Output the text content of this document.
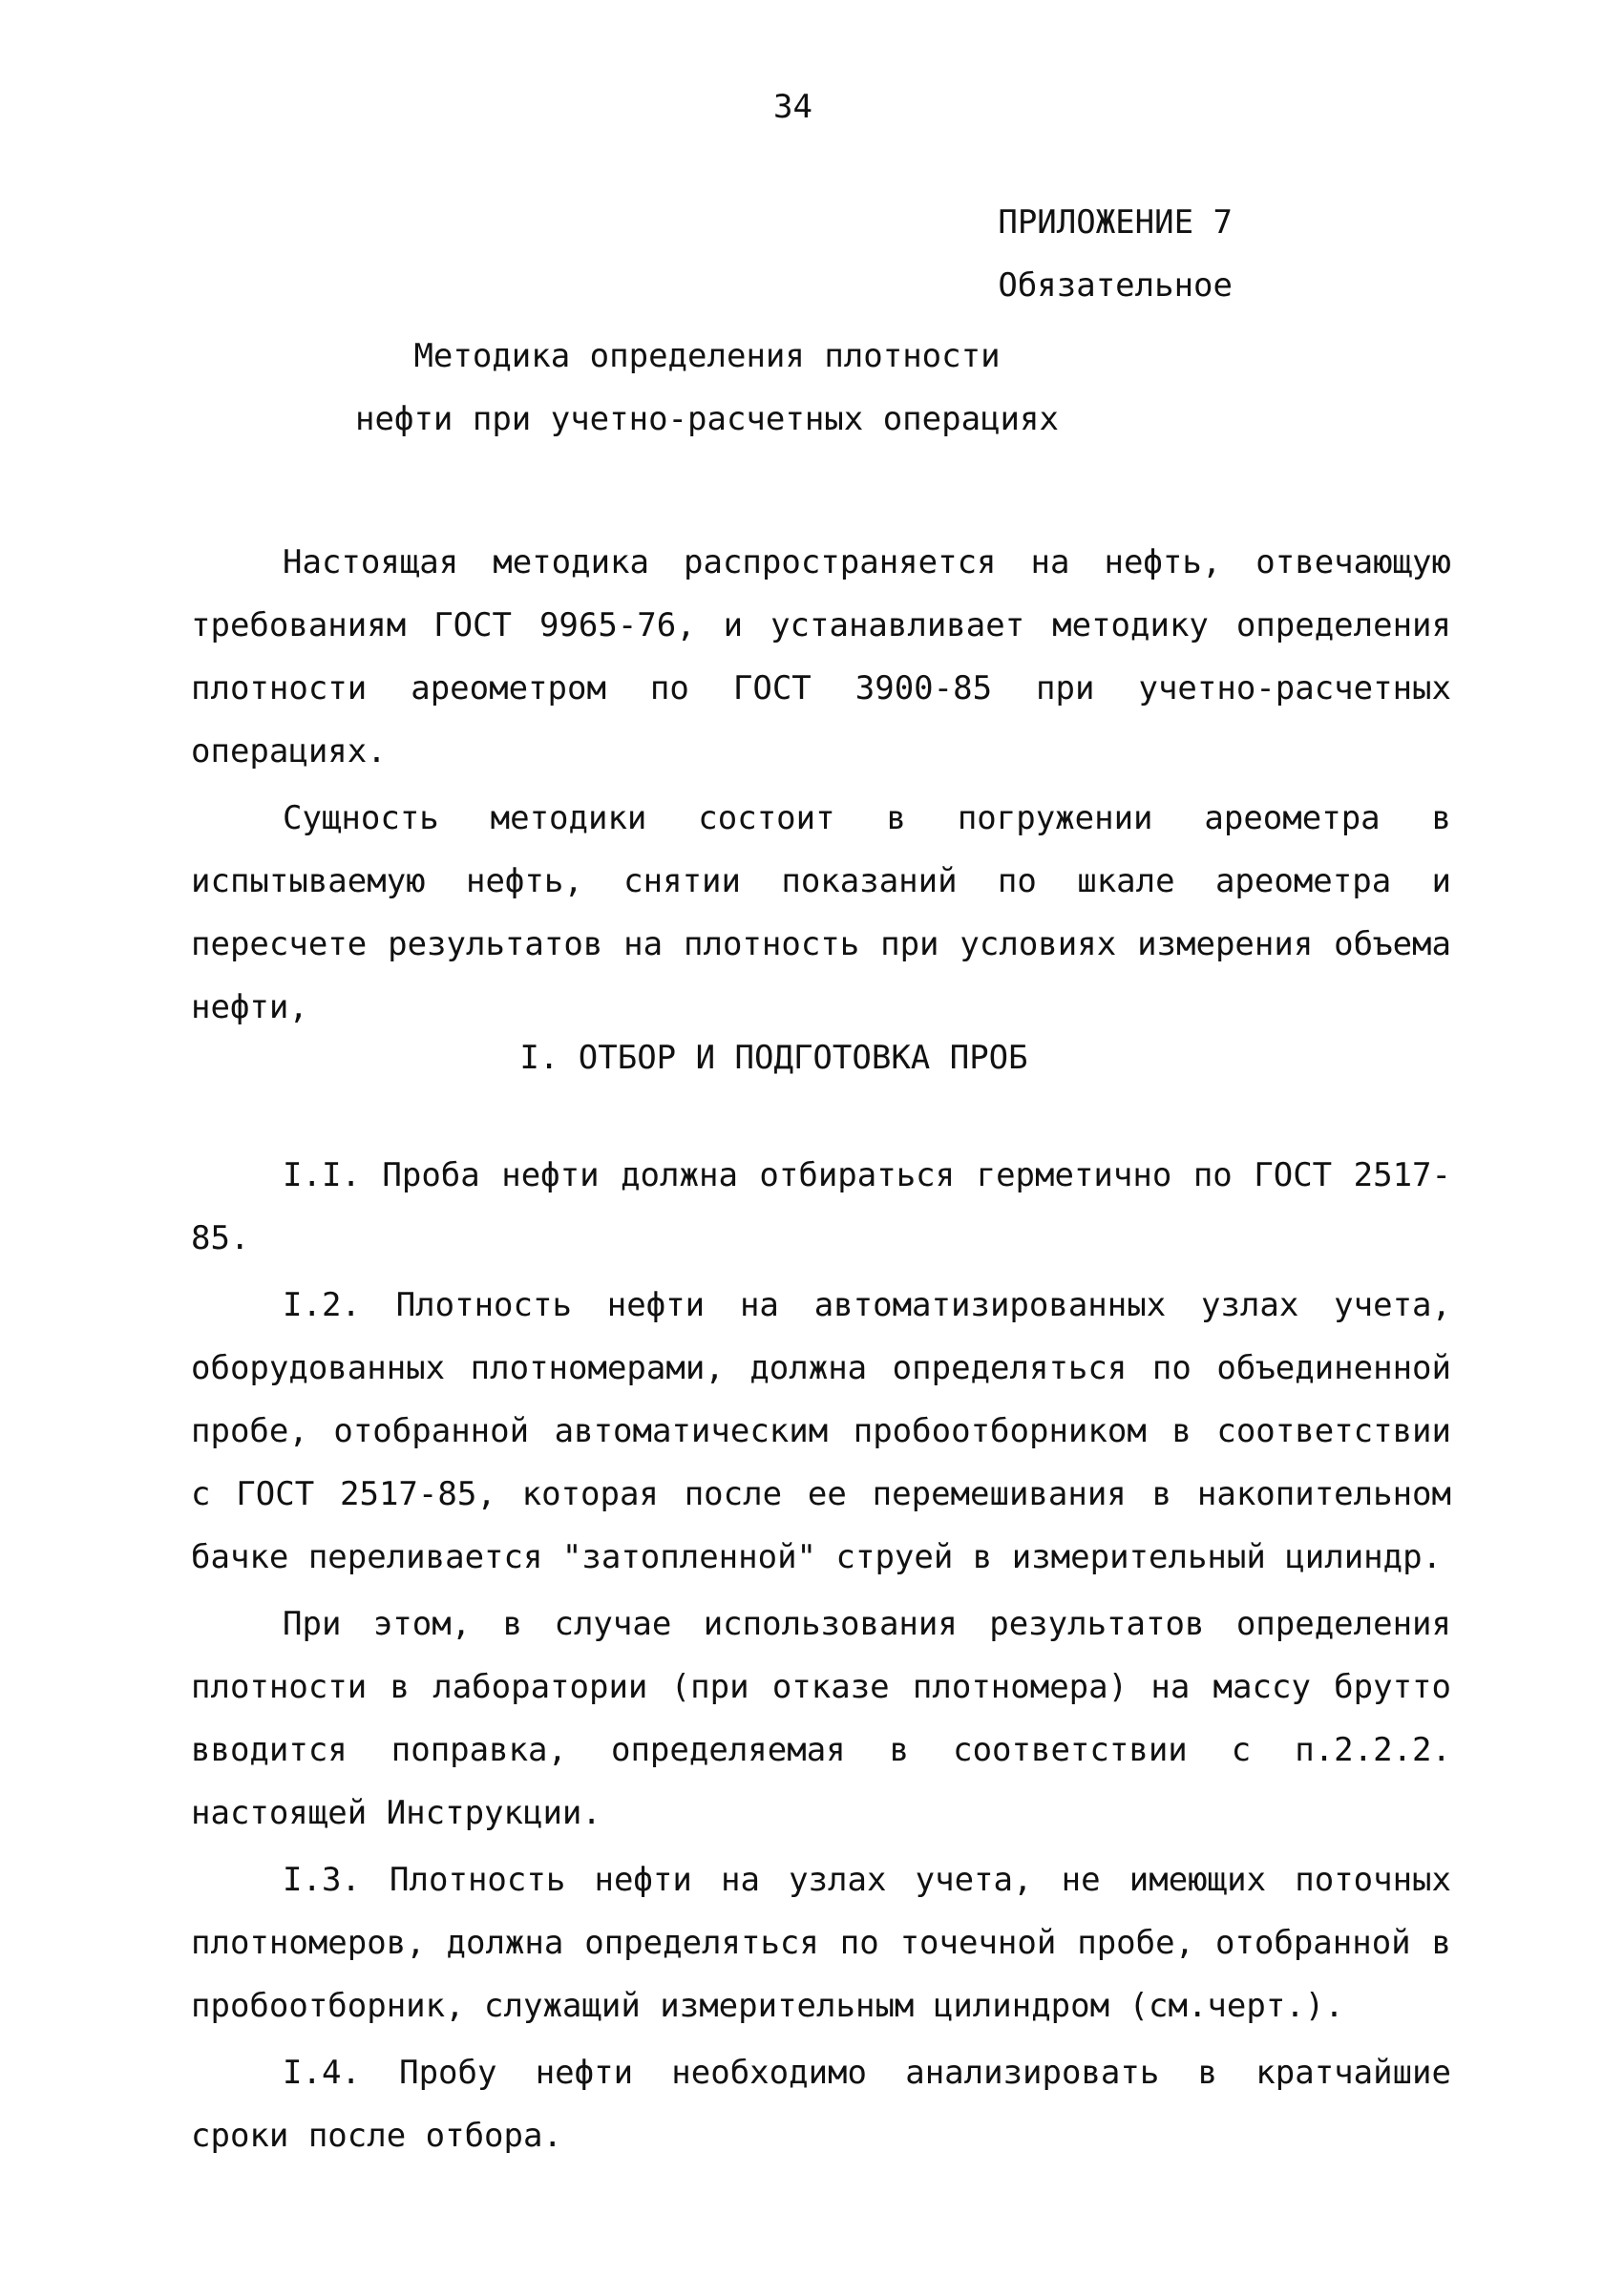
34
ПРИЛОЖЕНИЕ 7
Обязательное
Методика определения плотности
нефти при учетно-расчетных операциях

Настоящая методика распространяется на нефть, отвечающую требованиям ГОСТ 9965-76, и устанавливает методику определения плотности ареометром по ГОСТ 3900-85 при учетно-расчетных операциях.

Сущность методики состоит в погружении ареометра в испытываемую нефть, снятии показаний по шкале ареометра и пересчете результатов на плотность при условиях измерения объема нефти,

I. ОТБОР И ПОДГОТОВКА ПРОБ

I.I. Проба нефти должна отбираться герметично по ГОСТ 2517-85.

I.2. Плотность нефти на автоматизированных узлах учета, оборудованных плотномерами, должна определяться по объединенной пробе, отобранной автоматическим пробоотборником в соответствии с ГОСТ 2517-85, которая после ее перемешивания в накопительном бачке переливается "затопленной" струей в измерительный цилиндр.

При этом, в случае использования результатов определения плотности в лаборатории (при отказе плотномера) на массу брутто вводится поправка, определяемая в соответствии с п.2.2.2. настоящей Инструкции.

I.3. Плотность нефти на узлах учета, не имеющих поточных плотномеров, должна определяться по точечной пробе, отобранной в пробоотборник, служащий измерительным цилиндром (см.черт.).

I.4. Пробу нефти необходимо анализировать в кратчайшие сроки после отбора.
